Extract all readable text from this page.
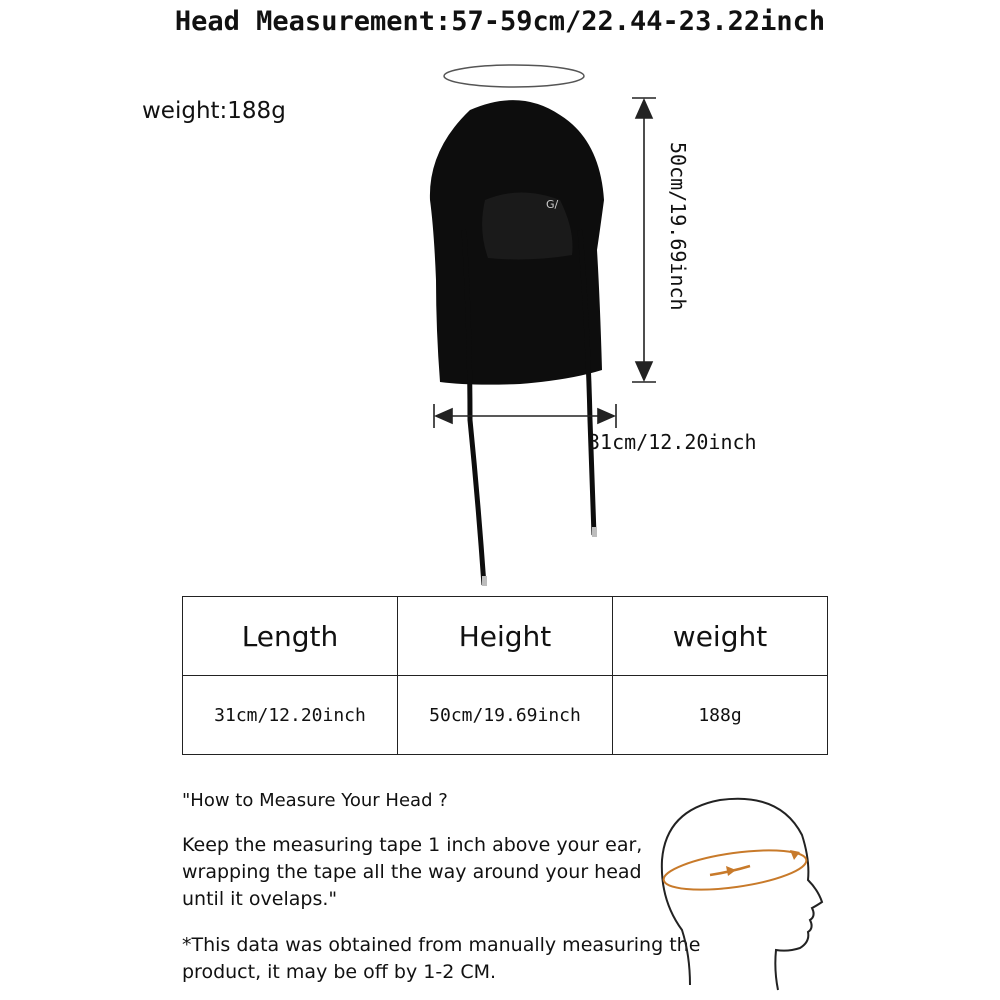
Head Measurement:57-59cm/22.44-23.22inch
weight:188g
G/	50cm/19.69inch
31cm/12.20inch
Length	Height	weight
31cm/12.20inch	50cm/19.69inch	188g
"How to Measure Your Head ?
Keep the measuring tape 1 inch above your ear, wrapping the tape all the way around your head until it ovelaps."
*This data was obtained from manually measuring the product, it may be off by 1-2 CM.
